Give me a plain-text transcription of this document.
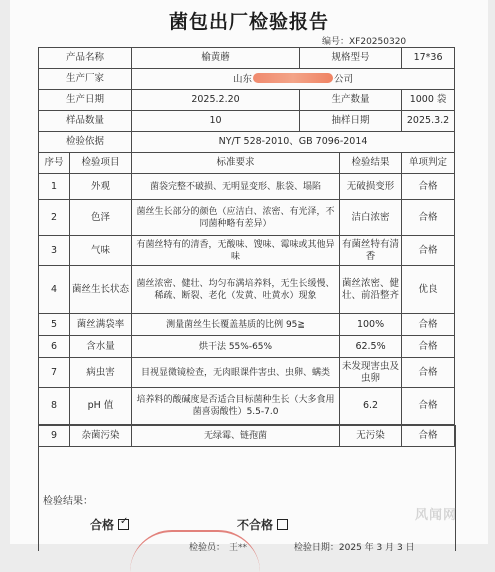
菌包出厂检验报告
编号：XF20250320
产品名称		榆黄蘑	规格型号		17*36
生产厂家		山东 公司			
生产日期		2025.2.20	生产数量		1000 袋
样品数量		10	抽样日期		2025.3.2
检验依据		NY/T 528-2010、GB 7096-2014			
序号	检验项目	标准要求		检验结果	单项判定
1	外观	菌袋完整不破损、无明显变形、胀袋、塌陷		无破损变形	合格
2	色泽	菌丝生长部分的颜色（应洁白、浓密、有光泽，不同菌种略有差异）		洁白浓密	合格
3	气味	有菌丝特有的清香，无酸味、馊味、霉味或其他异味		有菌丝特有清香	合格
4	菌丝生长状态	菌丝浓密、健壮、均匀布满培养料，无生长缓慢、稀疏、断裂、老化（发黄、吐黄水）现象		菌丝浓密、健壮、前沿整齐	优良
5	菌丝满袋率	测量菌丝生长覆盖基质的比例 95≧		100%	合格
6	含水量	烘干法 55%-65%		62.5%	合格
7	病虫害	目视显微镜检查，无肉眼课件害虫、虫卵、螨类		未发现害虫及虫卵	合格
8	pH 值	培养料的酸碱度是否适合目标菌种生长（大多食用菌喜弱酸性）5.5-7.0		6.2	合格
9	杂菌污染	无绿霉、链孢菌		无污染	合格
检验结果：
合格 ✓	不合格
检验员： 王**	检验日期：2025 年 3 月 3 日
风闻网
